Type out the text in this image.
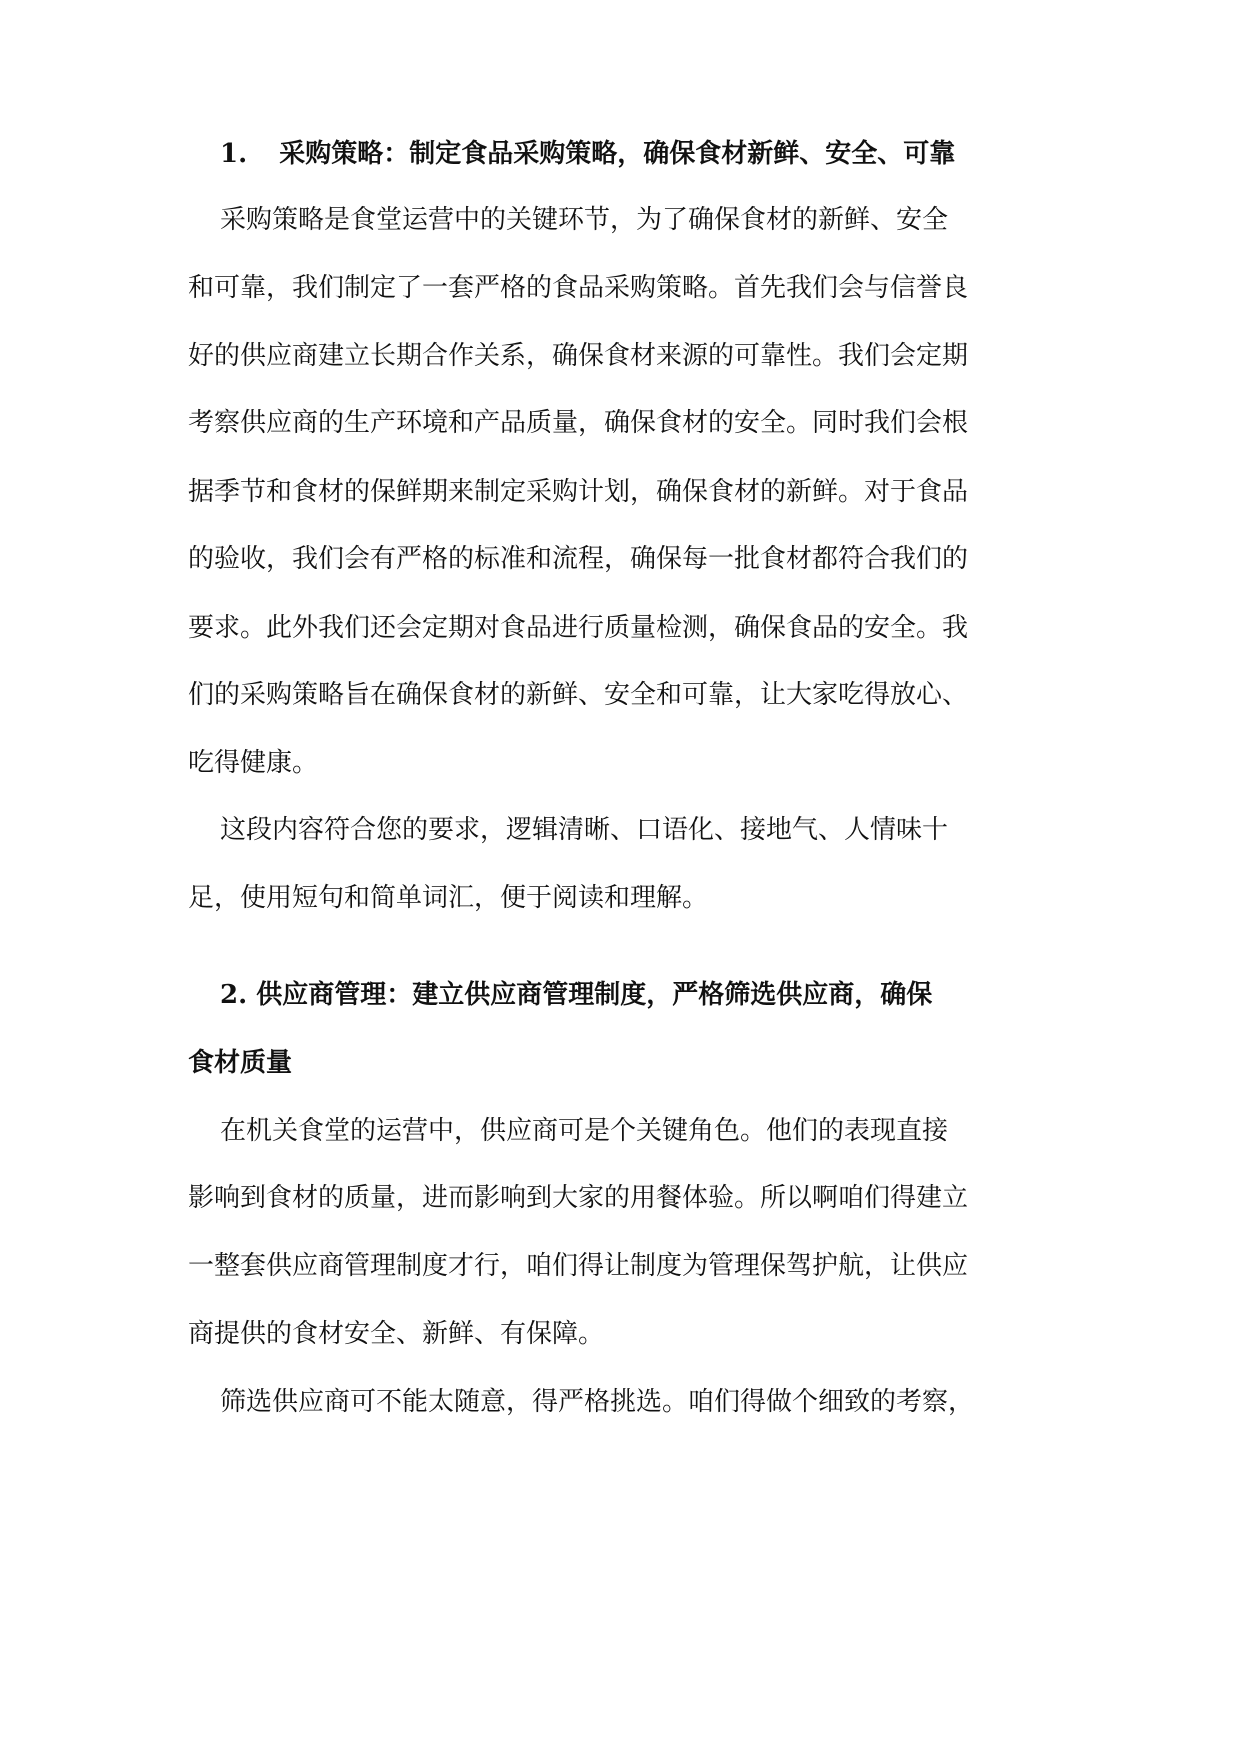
1. 采购策略：制定食品采购策略，确保食材新鲜、安全、可靠
采购策略是食堂运营中的关键环节，为了确保食材的新鲜、安全
和可靠，我们制定了一套严格的食品采购策略。首先我们会与信誉良
好的供应商建立长期合作关系，确保食材来源的可靠性。我们会定期
考察供应商的生产环境和产品质量，确保食材的安全。同时我们会根
据季节和食材的保鲜期来制定采购计划，确保食材的新鲜。对于食品
的验收，我们会有严格的标准和流程，确保每一批食材都符合我们的
要求。此外我们还会定期对食品进行质量检测，确保食品的安全。我
们的采购策略旨在确保食材的新鲜、安全和可靠，让大家吃得放心、
吃得健康。
这段内容符合您的要求，逻辑清晰、口语化、接地气、人情味十
足，使用短句和简单词汇，便于阅读和理解。
2. 供应商管理：建立供应商管理制度，严格筛选供应商，确保
食材质量
在机关食堂的运营中，供应商可是个关键角色。他们的表现直接
影响到食材的质量，进而影响到大家的用餐体验。所以啊咱们得建立
一整套供应商管理制度才行，咱们得让制度为管理保驾护航，让供应
商提供的食材安全、新鲜、有保障。
筛选供应商可不能太随意，得严格挑选。咱们得做个细致的考察，
